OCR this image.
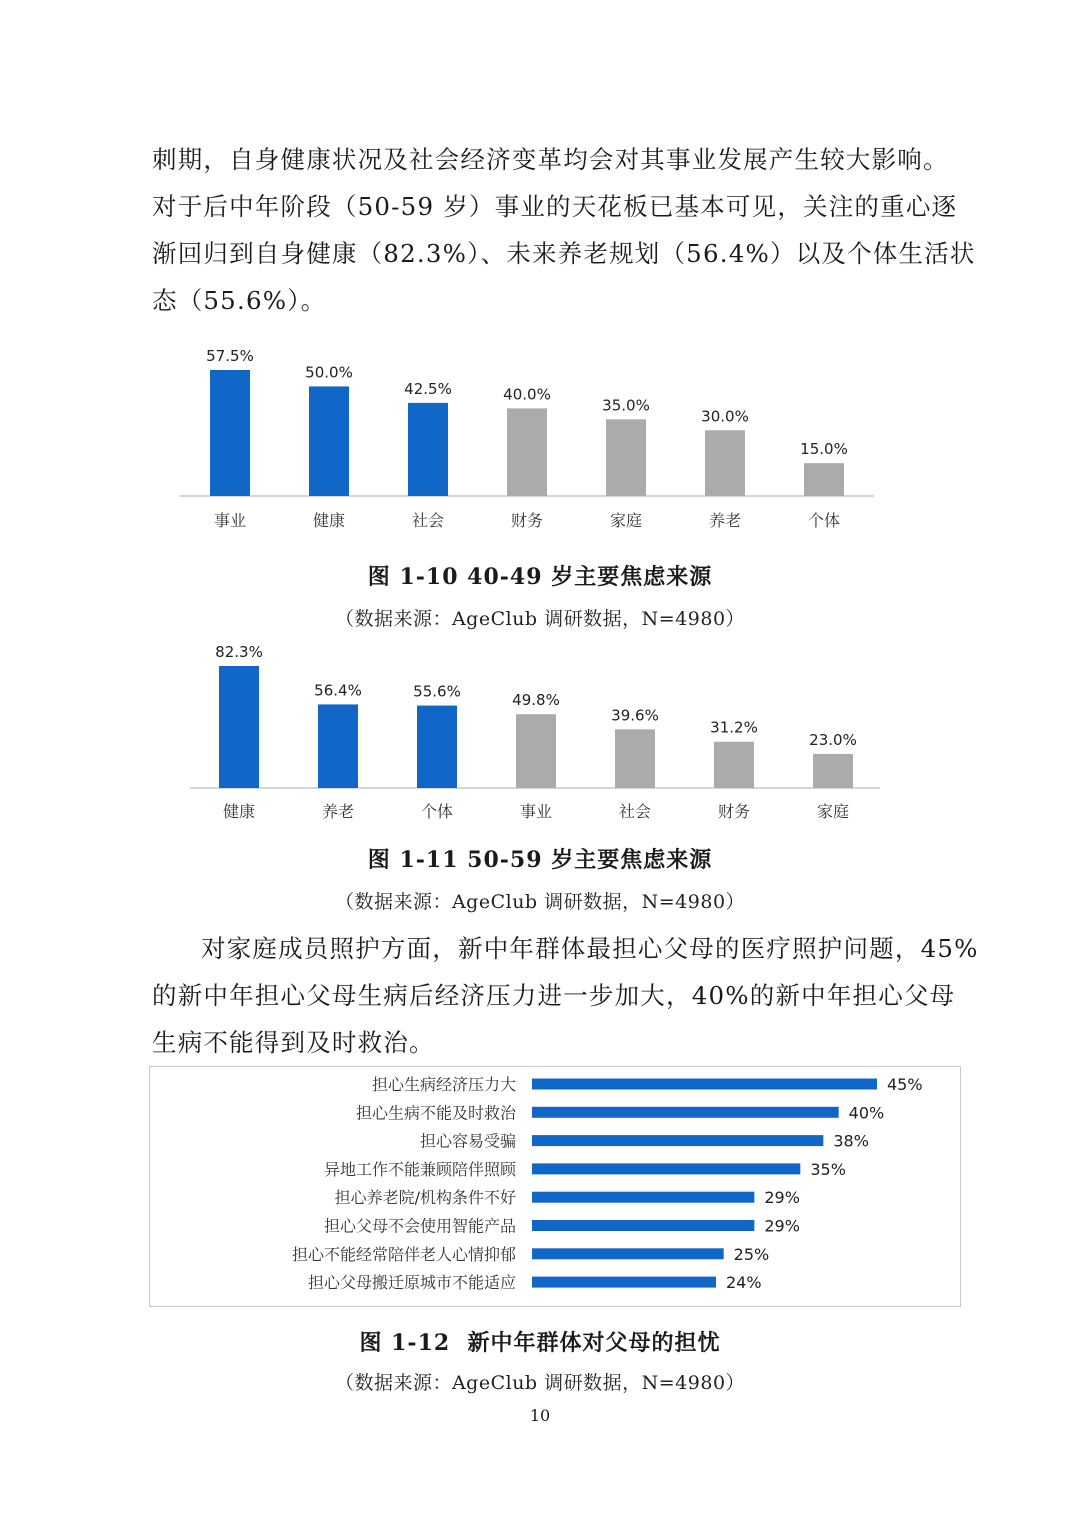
刺期，自身健康状况及社会经济变革均会对其事业发展产生较大影响。
对于后中年阶段（50-59 岁）事业的天花板已基本可见，关注的重心逐
渐回归到自身健康（82.3%）、未来养老规划（56.4%）以及个体生活状
态（55.6%）。
57.5%
事业
50.0%
健康
42.5%
社会
40.0%
财务
35.0%
家庭
30.0%
养老
15.0%
个体

图 1-10 40-49 岁主要焦虑来源

（数据来源：AgeClub 调研数据，N=4980）

82.3%
健康
56.4%
养老
55.6%
个体
49.8%
事业
39.6%
社会
31.2%
财务
23.0%
家庭

图 1-11 50-59 岁主要焦虑来源

（数据来源：AgeClub 调研数据，N=4980）

对家庭成员照护方面，新中年群体最担心父母的医疗照护问题，45%
的新中年担心父母生病后经济压力进一步加大，40%的新中年担心父母
生病不能得到及时救治。
担心生病经济压力大	45%
担心生病不能及时救治	40%
担心容易受骗	38%
异地工作不能兼顾陪伴照顾	35%
担心养老院/机构条件不好	29%
担心父母不会使用智能产品	29%
担心不能经常陪伴老人心情抑郁	25%
担心父母搬迁原城市不能适应	24%

图 1-12  新中年群体对父母的担忧

（数据来源：AgeClub 调研数据，N=4980）

10
